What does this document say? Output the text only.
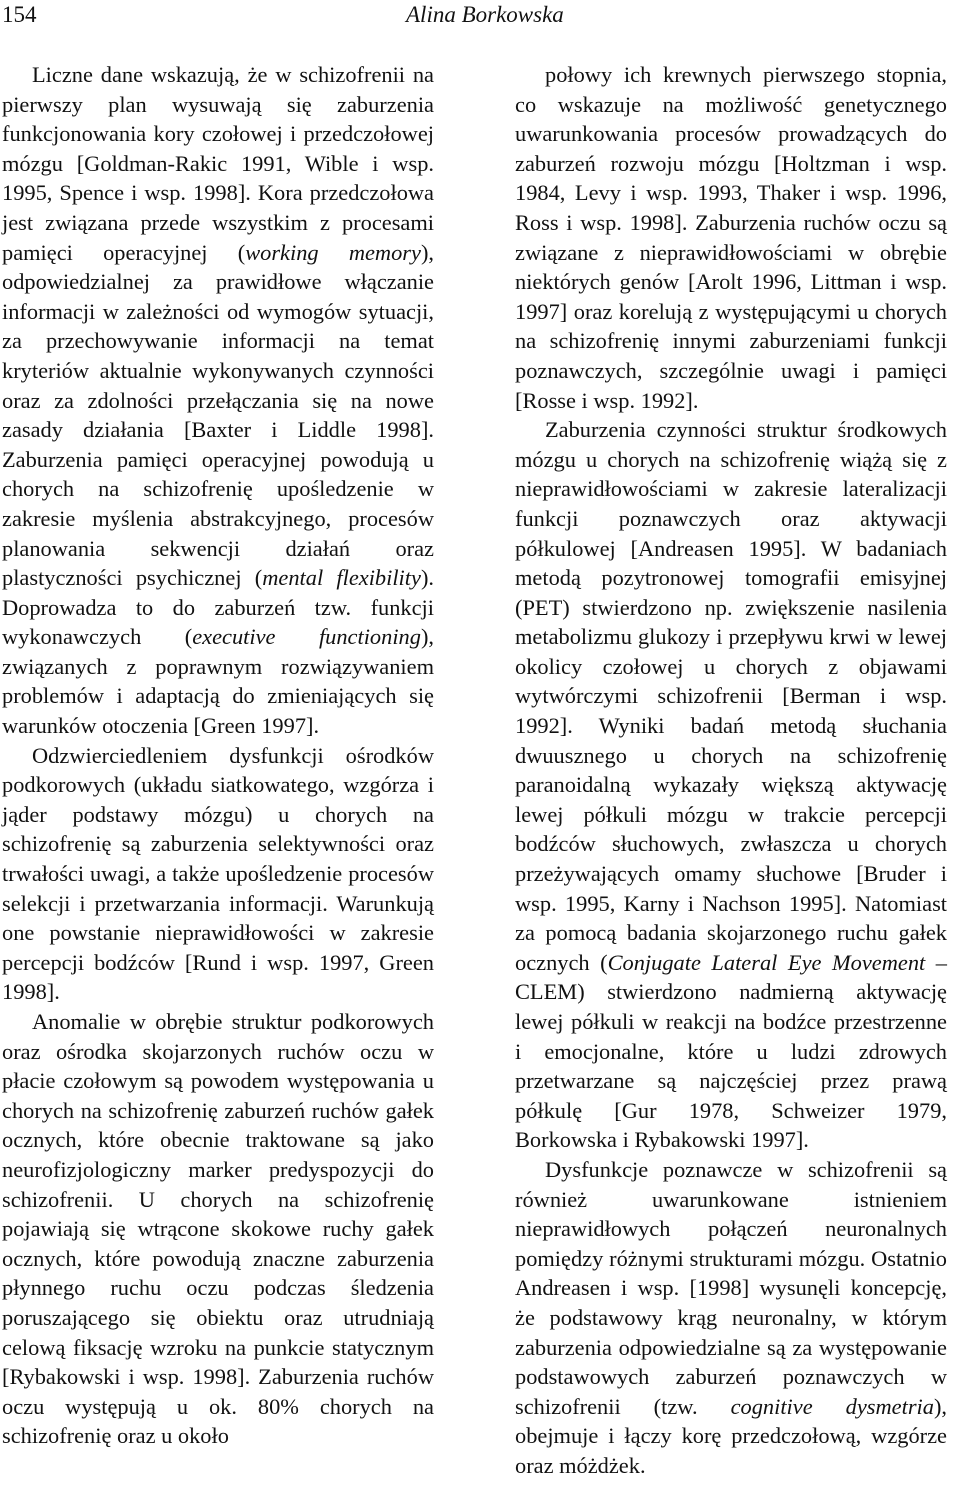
154	Alina Borkowska

Liczne dane wskazują, że w schizofrenii na pierwszy plan wysuwają się zaburzenia funkcjonowania kory czołowej i przedczołowej mózgu [Goldman-Rakic 1991, Wible i wsp. 1995, Spence i wsp. 1998]. Kora przedczołowa jest związana przede wszystkim z procesami pamięci operacyjnej (working memory), odpowiedzialnej za prawidłowe włączanie informacji w zależności od wymogów sytuacji, za przechowywanie informacji na temat kryteriów aktualnie wykonywanych czynności oraz za zdolności przełączania się na nowe zasady działania [Baxter i Liddle 1998]. Zaburzenia pamięci operacyjnej powodują u chorych na schizofrenię upośledzenie w zakresie myślenia abstrakcyjnego, procesów planowania sekwencji działań oraz plastyczności psychicznej (mental flexibility). Doprowadza to do zaburzeń tzw. funkcji wykonawczych (executive functioning), związanych z poprawnym rozwiązywaniem problemów i adaptacją do zmieniających się warunków otoczenia [Green 1997].

Odzwierciedleniem dysfunkcji ośrodków podkorowych (układu siatkowatego, wzgórza i jąder podstawy mózgu) u chorych na schizofrenię są zaburzenia selektywności oraz trwałości uwagi, a także upośledzenie procesów selekcji i przetwarzania informacji. Warunkują one powstanie nieprawidłowości w zakresie percepcji bodźców [Rund i wsp. 1997, Green 1998].

Anomalie w obrębie struktur podkorowych oraz ośrodka skojarzonych ruchów oczu w płacie czołowym są powodem występowania u chorych na schizofrenię zaburzeń ruchów gałek ocznych, które obecnie traktowane są jako neurofizjologiczny marker predyspozycji do schizofrenii. U chorych na schizofrenię pojawiają się wtrącone skokowe ruchy gałek ocznych, które powodują znaczne zaburzenia płynnego ruchu oczu podczas śledzenia poruszającego się obiektu oraz utrudniają celową fiksację wzroku na punkcie statycznym [Rybakowski i wsp. 1998]. Zaburzenia ruchów oczu występują u ok. 80% chorych na schizofrenię oraz u około

połowy ich krewnych pierwszego stopnia, co wskazuje na możliwość genetycznego uwarunkowania procesów prowadzących do zaburzeń rozwoju mózgu [Holtzman i wsp. 1984, Levy i wsp. 1993, Thaker i wsp. 1996, Ross i wsp. 1998]. Zaburzenia ruchów oczu są związane z nieprawidłowościami w obrębie niektórych genów [Arolt 1996, Littman i wsp. 1997] oraz korelują z występującymi u chorych na schizofrenię innymi zaburzeniami funkcji poznawczych, szczególnie uwagi i pamięci [Rosse i wsp. 1992].

Zaburzenia czynności struktur środkowych mózgu u chorych na schizofrenię wiążą się z nieprawidłowościami w zakresie lateralizacji funkcji poznawczych oraz aktywacji półkulowej [Andreasen 1995]. W badaniach metodą pozytronowej tomografii emisyjnej (PET) stwierdzono np. zwiększenie nasilenia metabolizmu glukozy i przepływu krwi w lewej okolicy czołowej u chorych z objawami wytwórczymi schizofrenii [Berman i wsp. 1992]. Wyniki badań metodą słuchania dwuusznego u chorych na schizofrenię paranoidalną wykazały większą aktywację lewej półkuli mózgu w trakcie percepcji bodźców słuchowych, zwłaszcza u chorych przeżywających omamy słuchowe [Bruder i wsp. 1995, Karny i Nachson 1995]. Natomiast za pomocą badania skojarzonego ruchu gałek ocznych (Conjugate Lateral Eye Movement – CLEM) stwierdzono nadmierną aktywację lewej półkuli w reakcji na bodźce przestrzenne i emocjonalne, które u ludzi zdrowych przetwarzane są najczęściej przez prawą półkulę [Gur 1978, Schweizer 1979, Borkowska i Rybakowski 1997].

Dysfunkcje poznawcze w schizofrenii są również uwarunkowane istnieniem nieprawidłowych połączeń neuronalnych pomiędzy różnymi strukturami mózgu. Ostatnio Andreasen i wsp. [1998] wysunęli koncepcję, że podstawowy krąg neuronalny, w którym zaburzenia odpowiedzialne są za występowanie podstawowych zaburzeń poznawczych w schizofrenii (tzw. cognitive dysmetria), obejmuje i łączy korę przedczołową, wzgórze oraz móżdżek.
